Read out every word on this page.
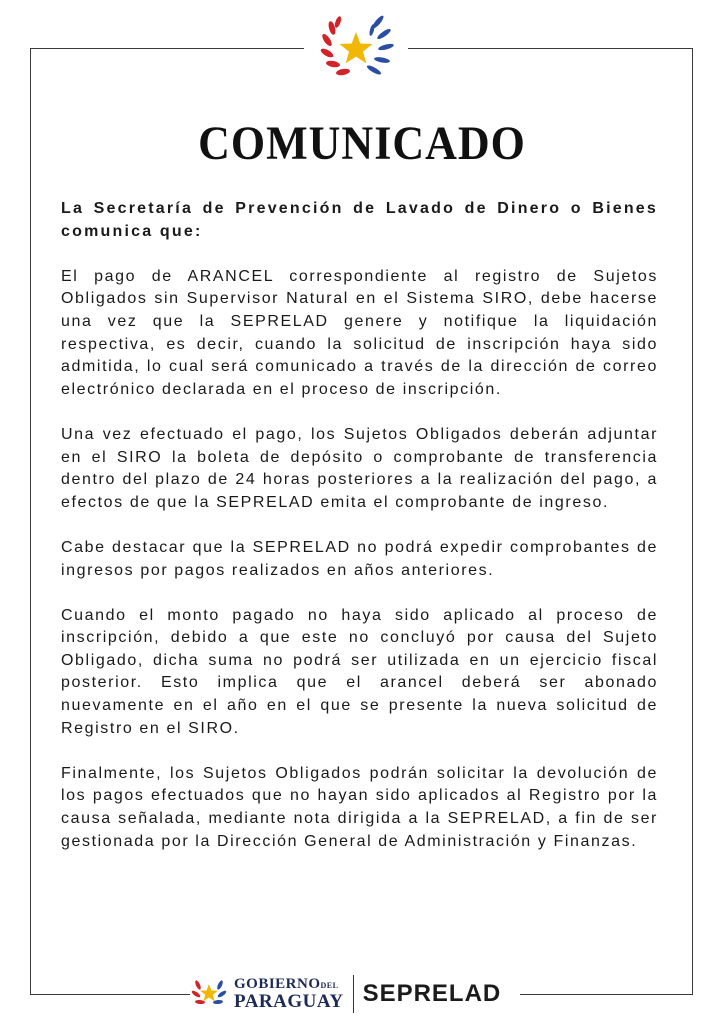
COMUNICADO

La Secretaría de Prevención de Lavado de Dinero o Bienes comunica que:

El pago de ARANCEL correspondiente al registro de Sujetos Obligados sin Supervisor Natural en el Sistema SIRO, debe hacerse una vez que la SEPRELAD genere y notifique la liquidación respectiva, es decir, cuando la solicitud de inscripción haya sido admitida, lo cual será comunicado a través de la dirección de correo electrónico declarada en el proceso de inscripción.

Una vez efectuado el pago, los Sujetos Obligados deberán adjuntar en el SIRO la boleta de depósito o comprobante de transferencia dentro del plazo de 24 horas posteriores a la realización del pago, a efectos de que la SEPRELAD emita el comprobante de ingreso.

Cabe destacar que la SEPRELAD no podrá expedir comprobantes de ingresos por pagos realizados en años anteriores.

Cuando el monto pagado no haya sido aplicado al proceso de inscripción, debido a que este no concluyó por causa del Sujeto Obligado, dicha suma no podrá ser utilizada en un ejercicio fiscal posterior. Esto implica que el arancel deberá ser abonado nuevamente en el año en el que se presente la nueva solicitud de Registro en el SIRO.

Finalmente, los Sujetos Obligados podrán solicitar la devolución de los pagos efectuados que no hayan sido aplicados al Registro por la causa señalada, mediante nota dirigida a la SEPRELAD, a fin de ser gestionada por la Dirección General de Administración y Finanzas.

GOBIERNODEL
PARAGUAY SEPRELAD
